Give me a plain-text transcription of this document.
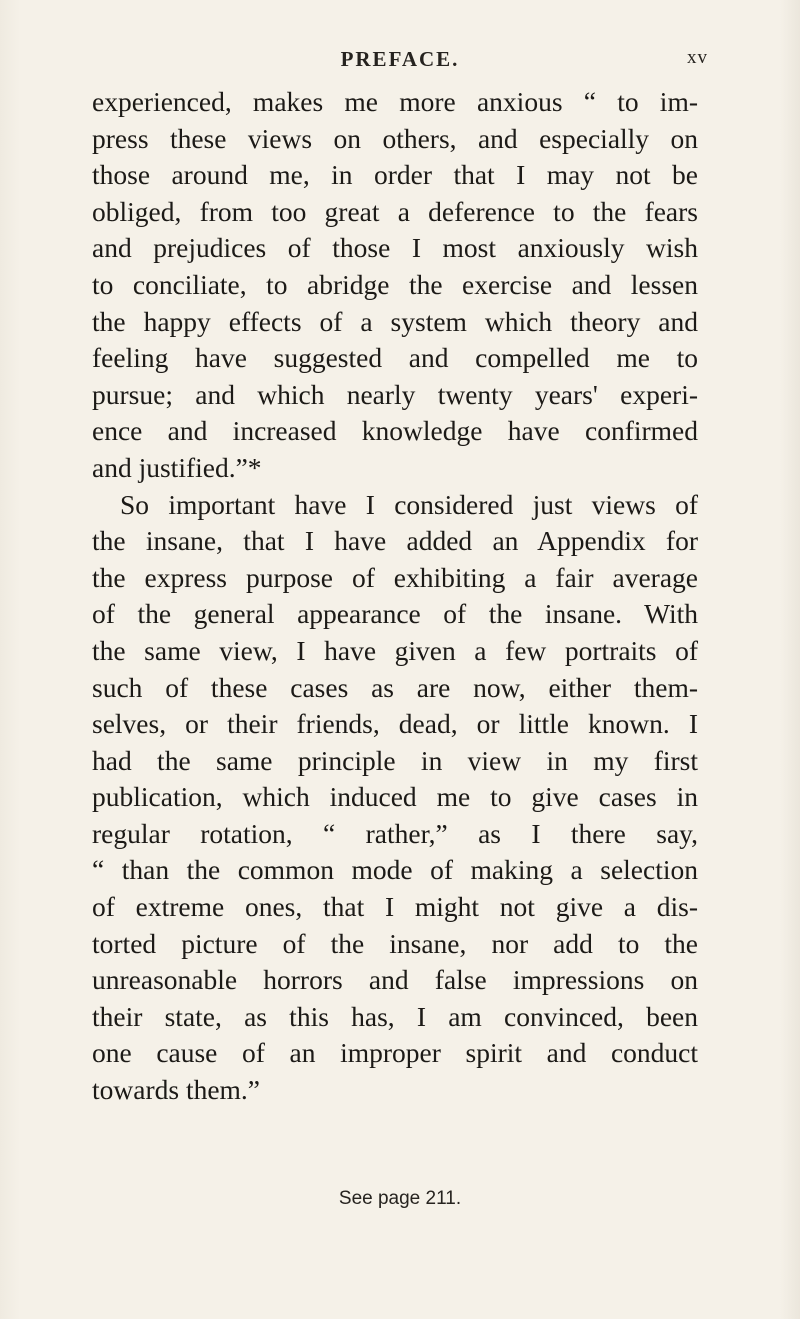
PREFACE.	xv
experienced, makes me more anxious “ to im-
press these views on others, and especially on
those around me, in order that I may not be
obliged, from too great a deference to the fears
and prejudices of those I most anxiously wish
to conciliate, to abridge the exercise and lessen
the happy effects of a system which theory and
feeling have suggested and compelled me to
pursue; and which nearly twenty years' experi-
ence and increased knowledge have confirmed
and justified.”*
So important have I considered just views of
the insane, that I have added an Appendix for
the express purpose of exhibiting a fair average
of the general appearance of the insane. With
the same view, I have given a few portraits of
such of these cases as are now, either them-
selves, or their friends, dead, or little known. I
had the same principle in view in my first
publication, which induced me to give cases in
regular rotation, “ rather,” as I there say,
“ than the common mode of making a selection
of extreme ones, that I might not give a dis-
torted picture of the insane, nor add to the
unreasonable horrors and false impressions on
their state, as this has, I am convinced, been
one cause of an improper spirit and conduct
towards them.”
See page 211.
